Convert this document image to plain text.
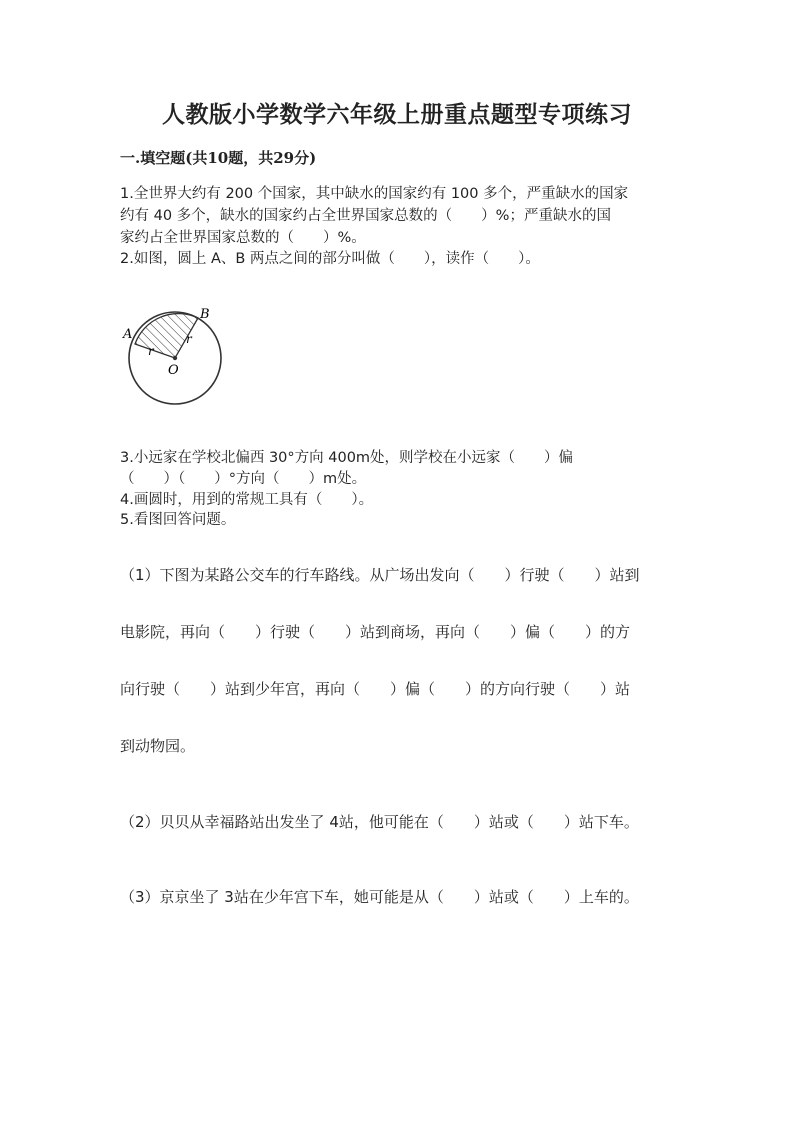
人教版小学数学六年级上册重点题型专项练习
一.填空题(共10题，共29分)
1.全世界大约有 200 个国家，其中缺水的国家约有 100 多个，严重缺水的国家
约有 40 多个，缺水的国家约占全世界国家总数的（　　）%；严重缺水的国
家约占全世界国家总数的（　　）%。
2.如图，圆上 A、B 两点之间的部分叫做（　　），读作（　　）。
A
B
r
r
O
3.小远家在学校北偏西 30°方向 400m处，则学校在小远家（　　）偏
（　　）（　　）°方向（　　）m处。
4.画圆时，用到的常规工具有（　　）。
5.看图回答问题。
（1）下图为某路公交车的行车路线。从广场出发向（　　）行驶（　　）站到
电影院，再向（　　）行驶（　　）站到商场，再向（　　）偏（　　）的方
向行驶（　　）站到少年宫，再向（　　）偏（　　）的方向行驶（　　）站
到动物园。
（2）贝贝从幸福路站出发坐了 4站，他可能在（　　）站或（　　）站下车。
（3）京京坐了 3站在少年宫下车，她可能是从（　　）站或（　　）上车的。
